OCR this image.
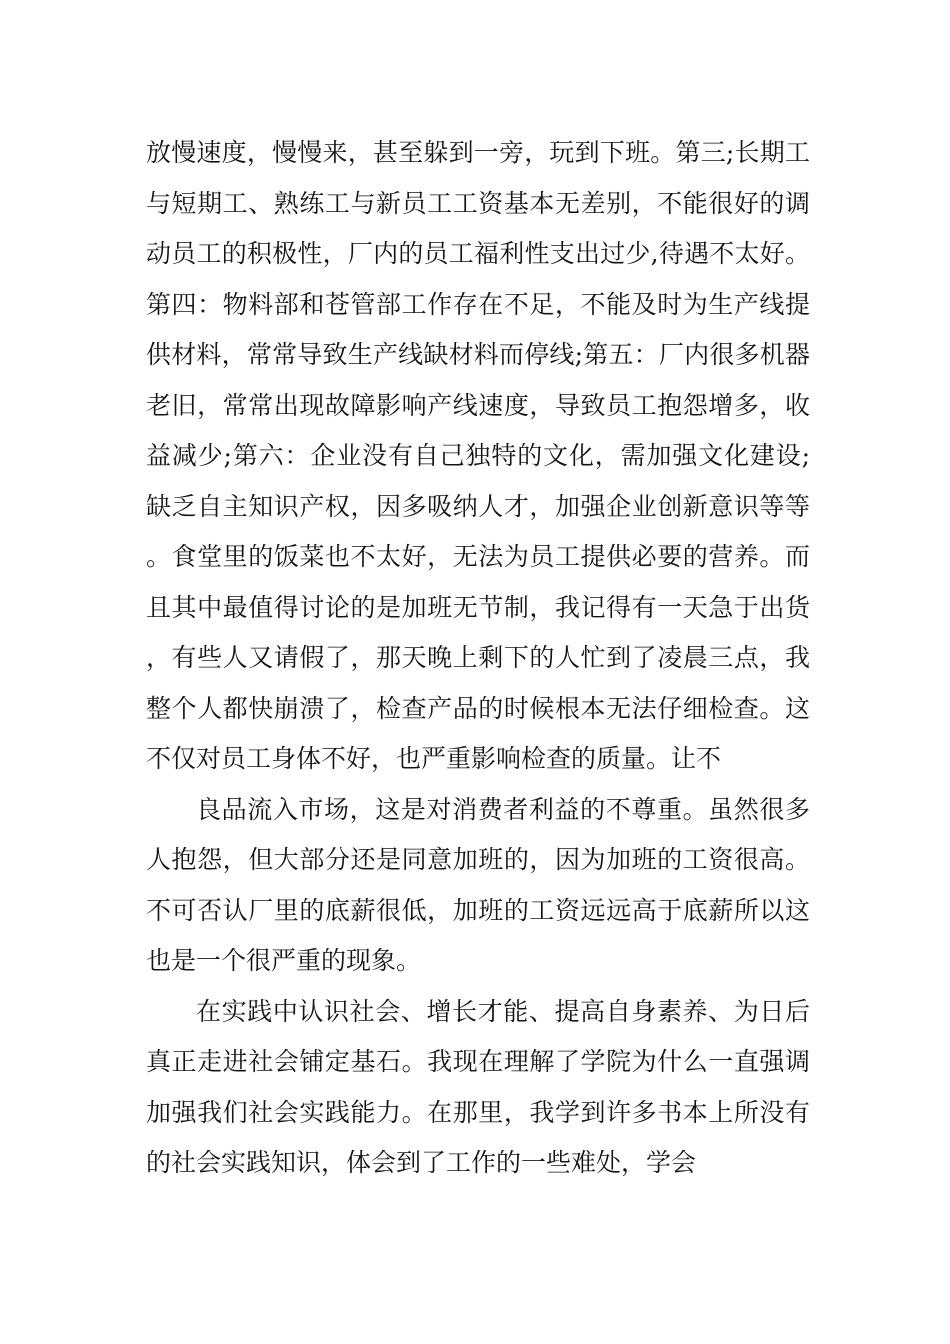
放慢速度，慢慢来，甚至躲到一旁，玩到下班。第三;长期工与短期工、熟练工与新员工工资基本无差别，不能很好的调动员工的积极性，厂内的员工福利性支出过少,待遇不太好。第四：物料部和苍管部工作存在不足，不能及时为生产线提供材料，常常导致生产线缺材料而停线;第五：厂内很多机器老旧，常常出现故障影响产线速度，导致员工抱怨增多，收益减少;第六：企业没有自己独特的文化，需加强文化建设;缺乏自主知识产权，因多吸纳人才，加强企业创新意识等等。食堂里的饭菜也不太好，无法为员工提供必要的营养。而且其中最值得讨论的是加班无节制，我记得有一天急于出货，有些人又请假了，那天晚上剩下的人忙到了凌晨三点，我整个人都快崩溃了，检查产品的时候根本无法仔细检查。这不仅对员工身体不好，也严重影响检查的质量。让不

良品流入市场，这是对消费者利益的不尊重。虽然很多人抱怨，但大部分还是同意加班的，因为加班的工资很高。不可否认厂里的底薪很低，加班的工资远远高于底薪所以这也是一个很严重的现象。

在实践中认识社会、增长才能、提高自身素养、为日后真正走进社会铺定基石。我现在理解了学院为什么一直强调加强我们社会实践能力。在那里，我学到许多书本上所没有的社会实践知识，体会到了工作的一些难处，学会
